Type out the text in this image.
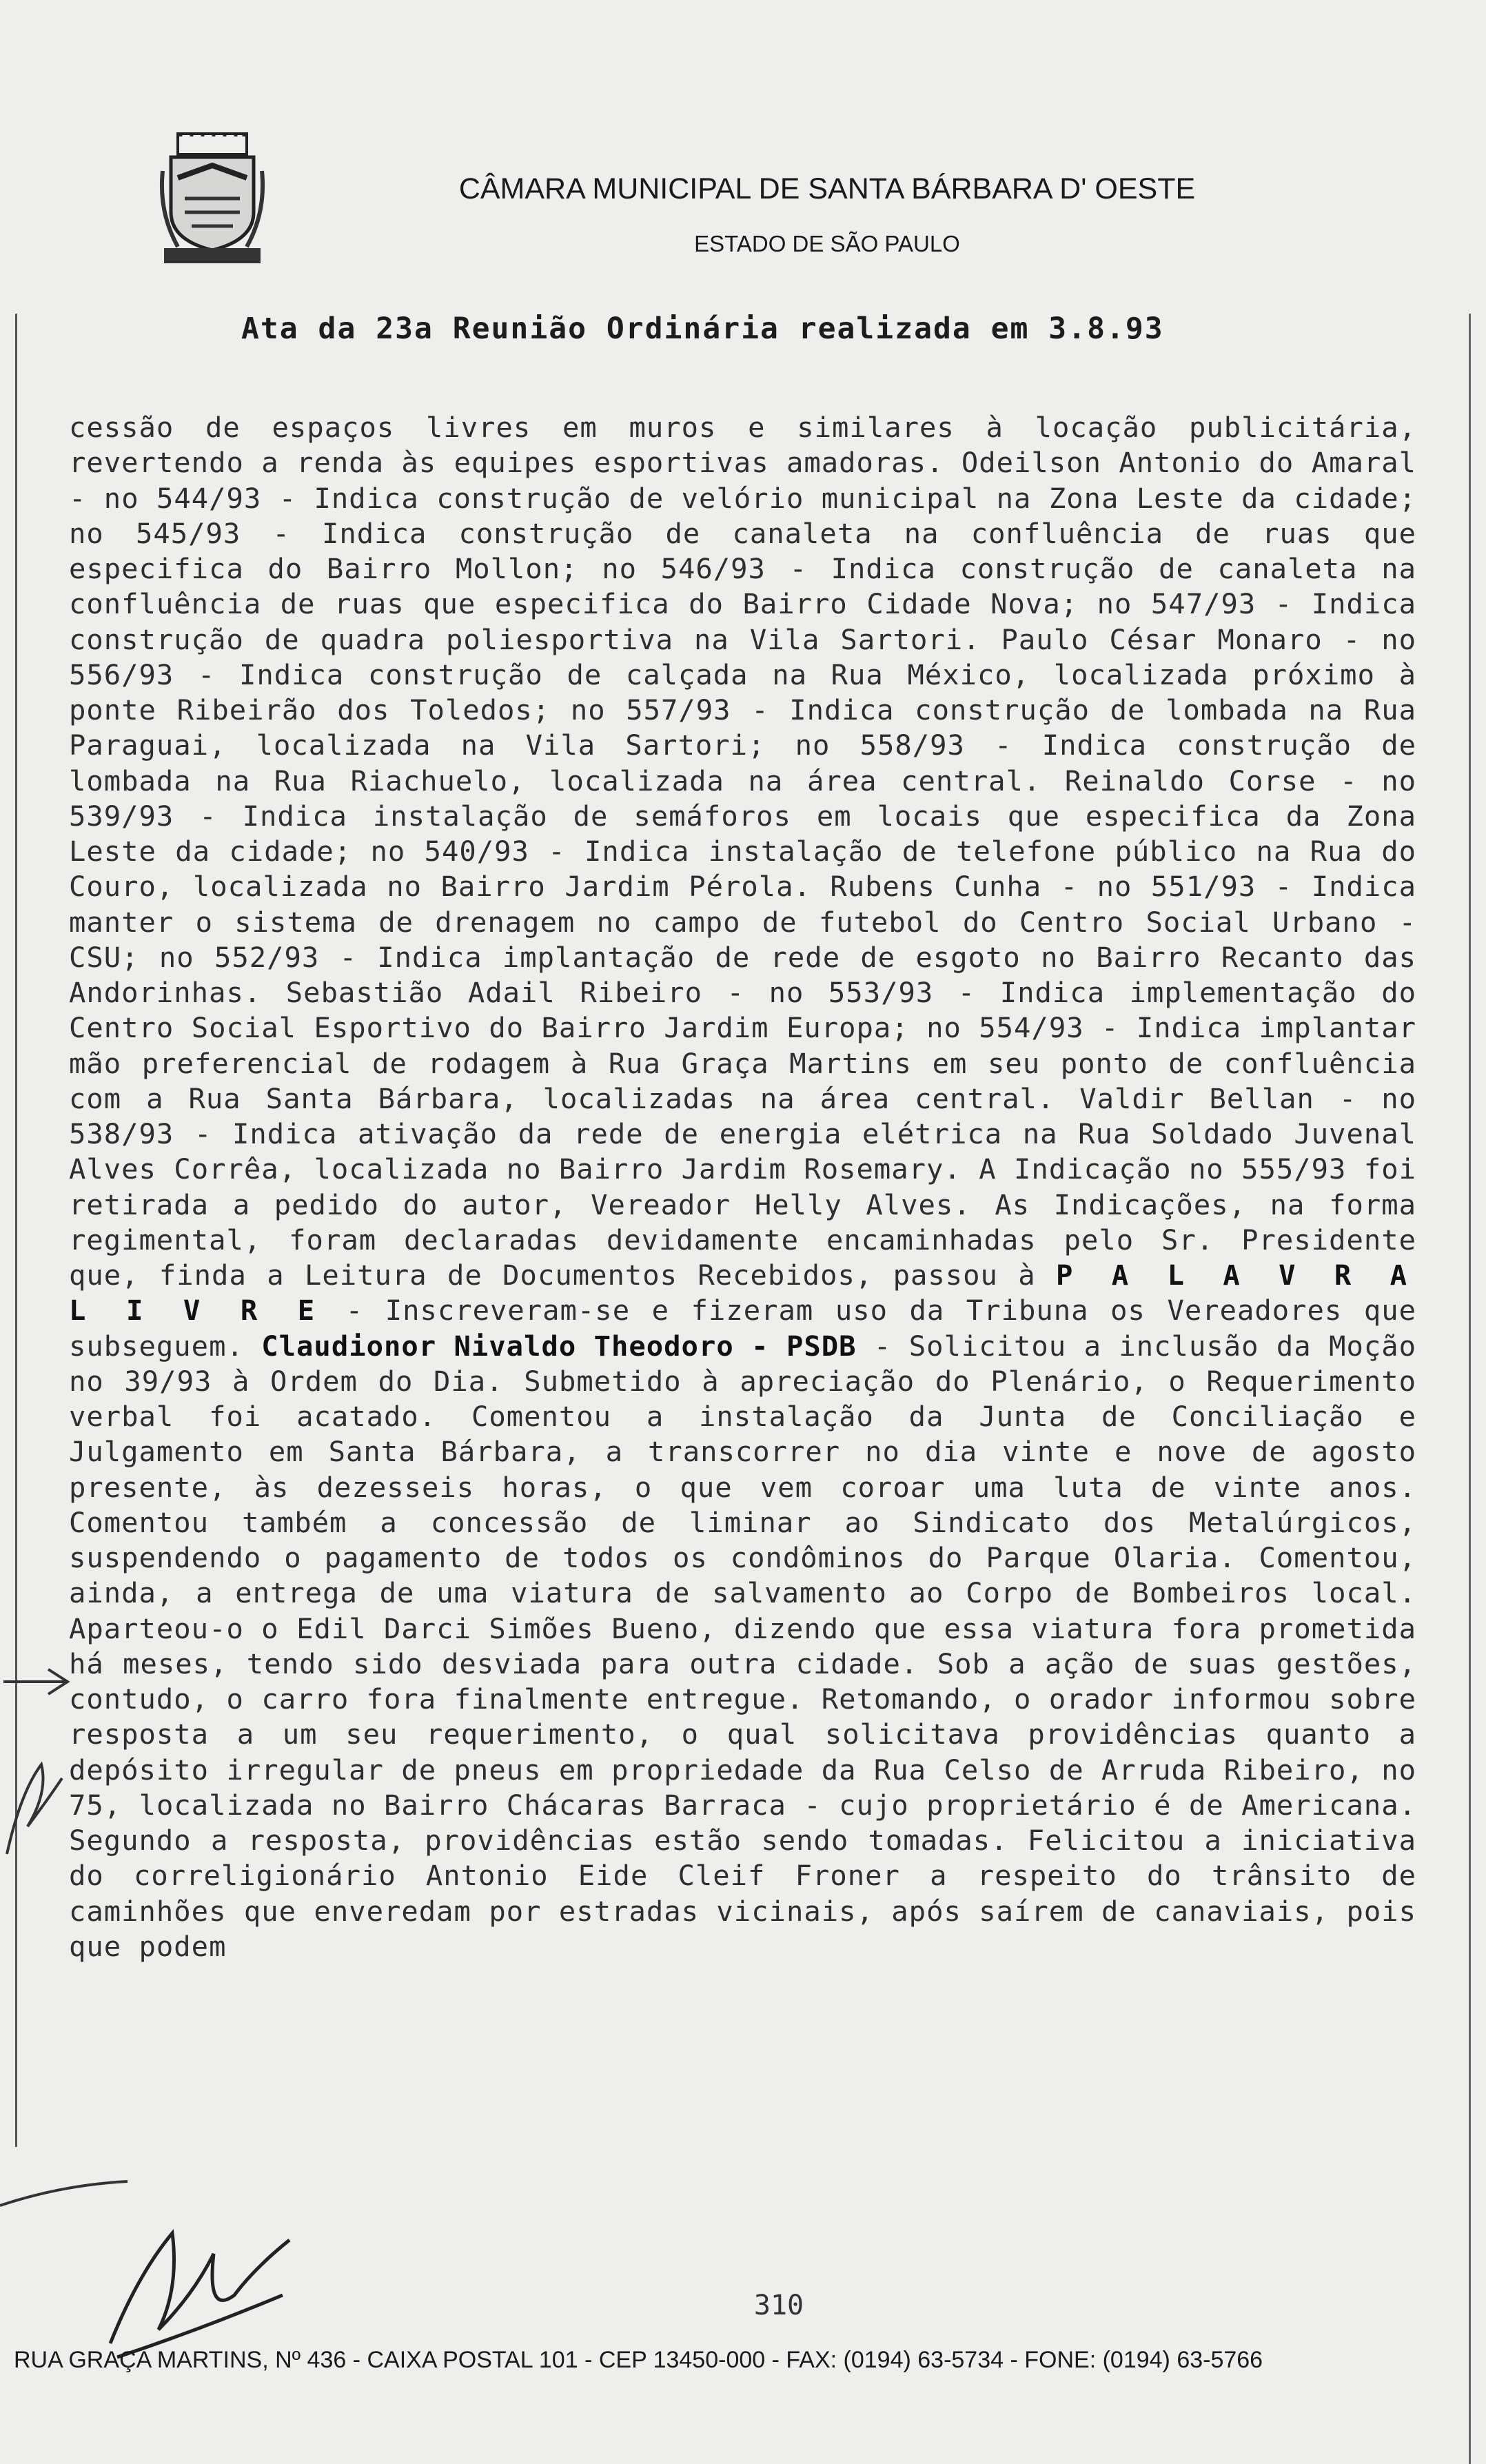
CÂMARA MUNICIPAL DE SANTA BÁRBARA D' OESTE
ESTADO DE SÃO PAULO
Ata da 23a Reunião Ordinária realizada em 3.8.93

cessão de espaços livres em muros e similares à locação publicitária, revertendo a renda às equipes esportivas amadoras. Odeilson Antonio do Amaral - no 544/93 - Indica construção de velório municipal na Zona Leste da cidade; no 545/93 - Indica construção de canaleta na confluência de ruas que especifica do Bairro Mollon; no 546/93 - Indica construção de canaleta na confluência de ruas que especifica do Bairro Cidade Nova; no 547/93 - Indica construção de quadra poliesportiva na Vila Sartori. Paulo César Monaro - no 556/93 - Indica construção de calçada na Rua México, localizada próximo à ponte Ribeirão dos Toledos; no 557/93 - Indica construção de lombada na Rua Paraguai, localizada na Vila Sartori; no 558/93 - Indica construção de lombada na Rua Riachuelo, localizada na área central. Reinaldo Corse - no 539/93 - Indica instalação de semáforos em locais que especifica da Zona Leste da cidade; no 540/93 - Indica instalação de telefone público na Rua do Couro, localizada no Bairro Jardim Pérola. Rubens Cunha - no 551/93 - Indica manter o sistema de drenagem no campo de futebol do Centro Social Urbano - CSU; no 552/93 - Indica implantação de rede de esgoto no Bairro Recanto das Andorinhas. Sebastião Adail Ribeiro - no 553/93 - Indica implementação do Centro Social Esportivo do Bairro Jardim Europa; no 554/93 - Indica implantar mão preferencial de rodagem à Rua Graça Martins em seu ponto de confluência com a Rua Santa Bárbara, localizadas na área central. Valdir Bellan - no 538/93 - Indica ativação da rede de energia elétrica na Rua Soldado Juvenal Alves Corrêa, localizada no Bairro Jardim Rosemary. A Indicação no 555/93 foi retirada a pedido do autor, Vereador Helly Alves. As Indicações, na forma regimental, foram declaradas devidamente encaminhadas pelo Sr. Presidente que, finda a Leitura de Documentos Recebidos, passou à P A L A V R A L I V R E - Inscreveram-se e fizeram uso da Tribuna os Vereadores que subseguem. Claudionor Nivaldo Theodoro - PSDB - Solicitou a inclusão da Moção no 39/93 à Ordem do Dia. Submetido à apreciação do Plenário, o Requerimento verbal foi acatado. Comentou a instalação da Junta de Conciliação e Julgamento em Santa Bárbara, a transcorrer no dia vinte e nove de agosto presente, às dezesseis horas, o que vem coroar uma luta de vinte anos. Comentou também a concessão de liminar ao Sindicato dos Metalúrgicos, suspendendo o pagamento de todos os condôminos do Parque Olaria. Comentou, ainda, a entrega de uma viatura de salvamento ao Corpo de Bombeiros local. Aparteou-o o Edil Darci Simões Bueno, dizendo que essa viatura fora prometida há meses, tendo sido desviada para outra cidade. Sob a ação de suas gestões, contudo, o carro fora finalmente entregue. Retomando, o orador informou sobre resposta a um seu requerimento, o qual solicitava providências quanto a depósito irregular de pneus em propriedade da Rua Celso de Arruda Ribeiro, no 75, localizada no Bairro Chácaras Barraca - cujo proprietário é de Americana. Segundo a resposta, providências estão sendo tomadas. Felicitou a iniciativa do correligionário Antonio Eide Cleif Froner a respeito do trânsito de caminhões que enveredam por estradas vicinais, após saírem de canaviais, pois que podem

310
RUA GRAÇA MARTINS, Nº 436 - CAIXA POSTAL 101 - CEP 13450-000 - FAX: (0194) 63-5734 - FONE: (0194) 63-5766
